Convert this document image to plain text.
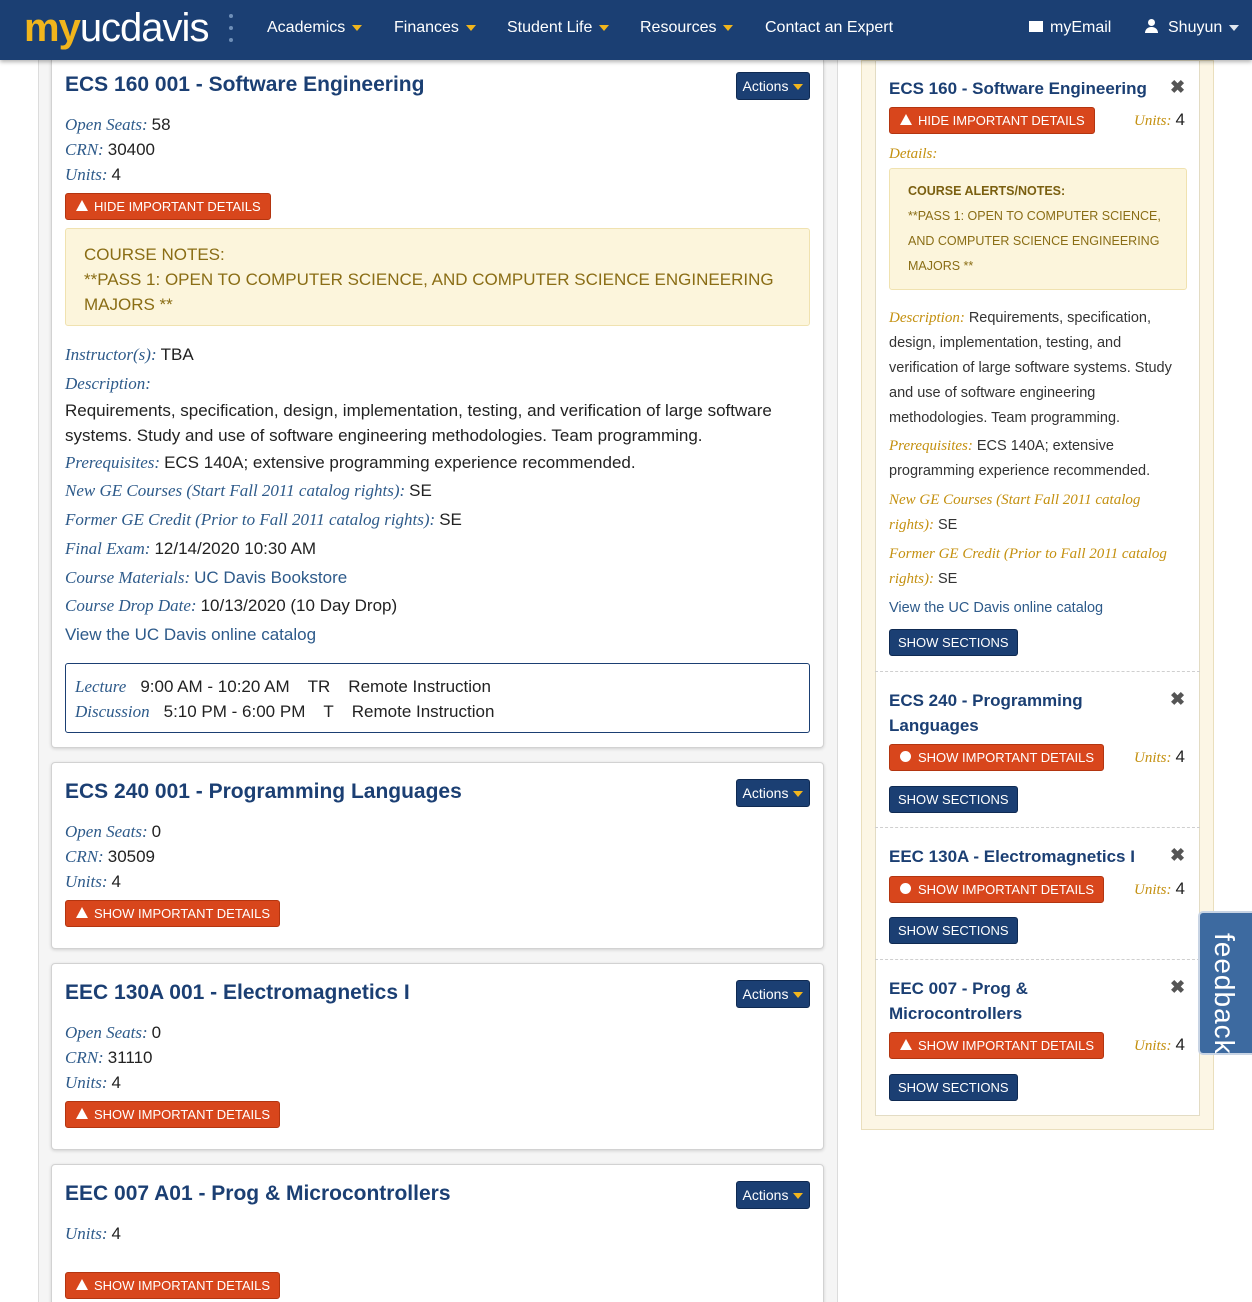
myucdavis	Academics	Finances	Student Life	Resources	Contact an Expert	myEmail	Shuyun
ECS 160 001 - Software Engineering	Actions
Open Seats: 58
CRN: 30400
Units: 4
HIDE IMPORTANT DETAILS
COURSE NOTES:
**PASS 1: OPEN TO COMPUTER SCIENCE, AND COMPUTER SCIENCE ENGINEERING MAJORS **
Instructor(s): TBA
Description:
Requirements, specification, design, implementation, testing, and verification of large software systems. Study and use of software engineering methodologies. Team programming.
Prerequisites: ECS 140A; extensive programming experience recommended.
New GE Courses (Start Fall 2011 catalog rights): SE
Former GE Credit (Prior to Fall 2011 catalog rights): SE
Final Exam: 12/14/2020 10:30 AM
Course Materials: UC Davis Bookstore
Course Drop Date: 10/13/2020 (10 Day Drop)
View the UC Davis online catalog
Lecture 9:00 AM - 10:20 AM TR Remote Instruction
Discussion 5:10 PM - 6:00 PM T Remote Instruction
ECS 240 001 - Programming Languages	Actions
Open Seats: 0
CRN: 30509
Units: 4
SHOW IMPORTANT DETAILS
EEC 130A 001 - Electromagnetics I	Actions
Open Seats: 0
CRN: 31110
Units: 4
SHOW IMPORTANT DETAILS
EEC 007 A01 - Prog & Microcontrollers	Actions
Units: 4
SHOW IMPORTANT DETAILS
ECS 160 - Software Engineering ✖
HIDE IMPORTANT DETAILS	Units: 4
Details:
COURSE ALERTS/NOTES:
**PASS 1: OPEN TO COMPUTER SCIENCE, AND COMPUTER SCIENCE ENGINEERING MAJORS **
Description: Requirements, specification, design, implementation, testing, and verification of large software systems. Study and use of software engineering methodologies. Team programming.
Prerequisites: ECS 140A; extensive programming experience recommended.
New GE Courses (Start Fall 2011 catalog rights): SE
Former GE Credit (Prior to Fall 2011 catalog rights): SE
View the UC Davis online catalog
SHOW SECTIONS
ECS 240 - Programming Languages
✖
SHOW IMPORTANT DETAILS	Units: 4
SHOW SECTIONS
EEC 130A - Electromagnetics I ✖
SHOW IMPORTANT DETAILS	Units: 4
SHOW SECTIONS
EEC 007 - Prog & Microcontrollers
✖
SHOW IMPORTANT DETAILS	Units: 4
SHOW SECTIONS
feedback
